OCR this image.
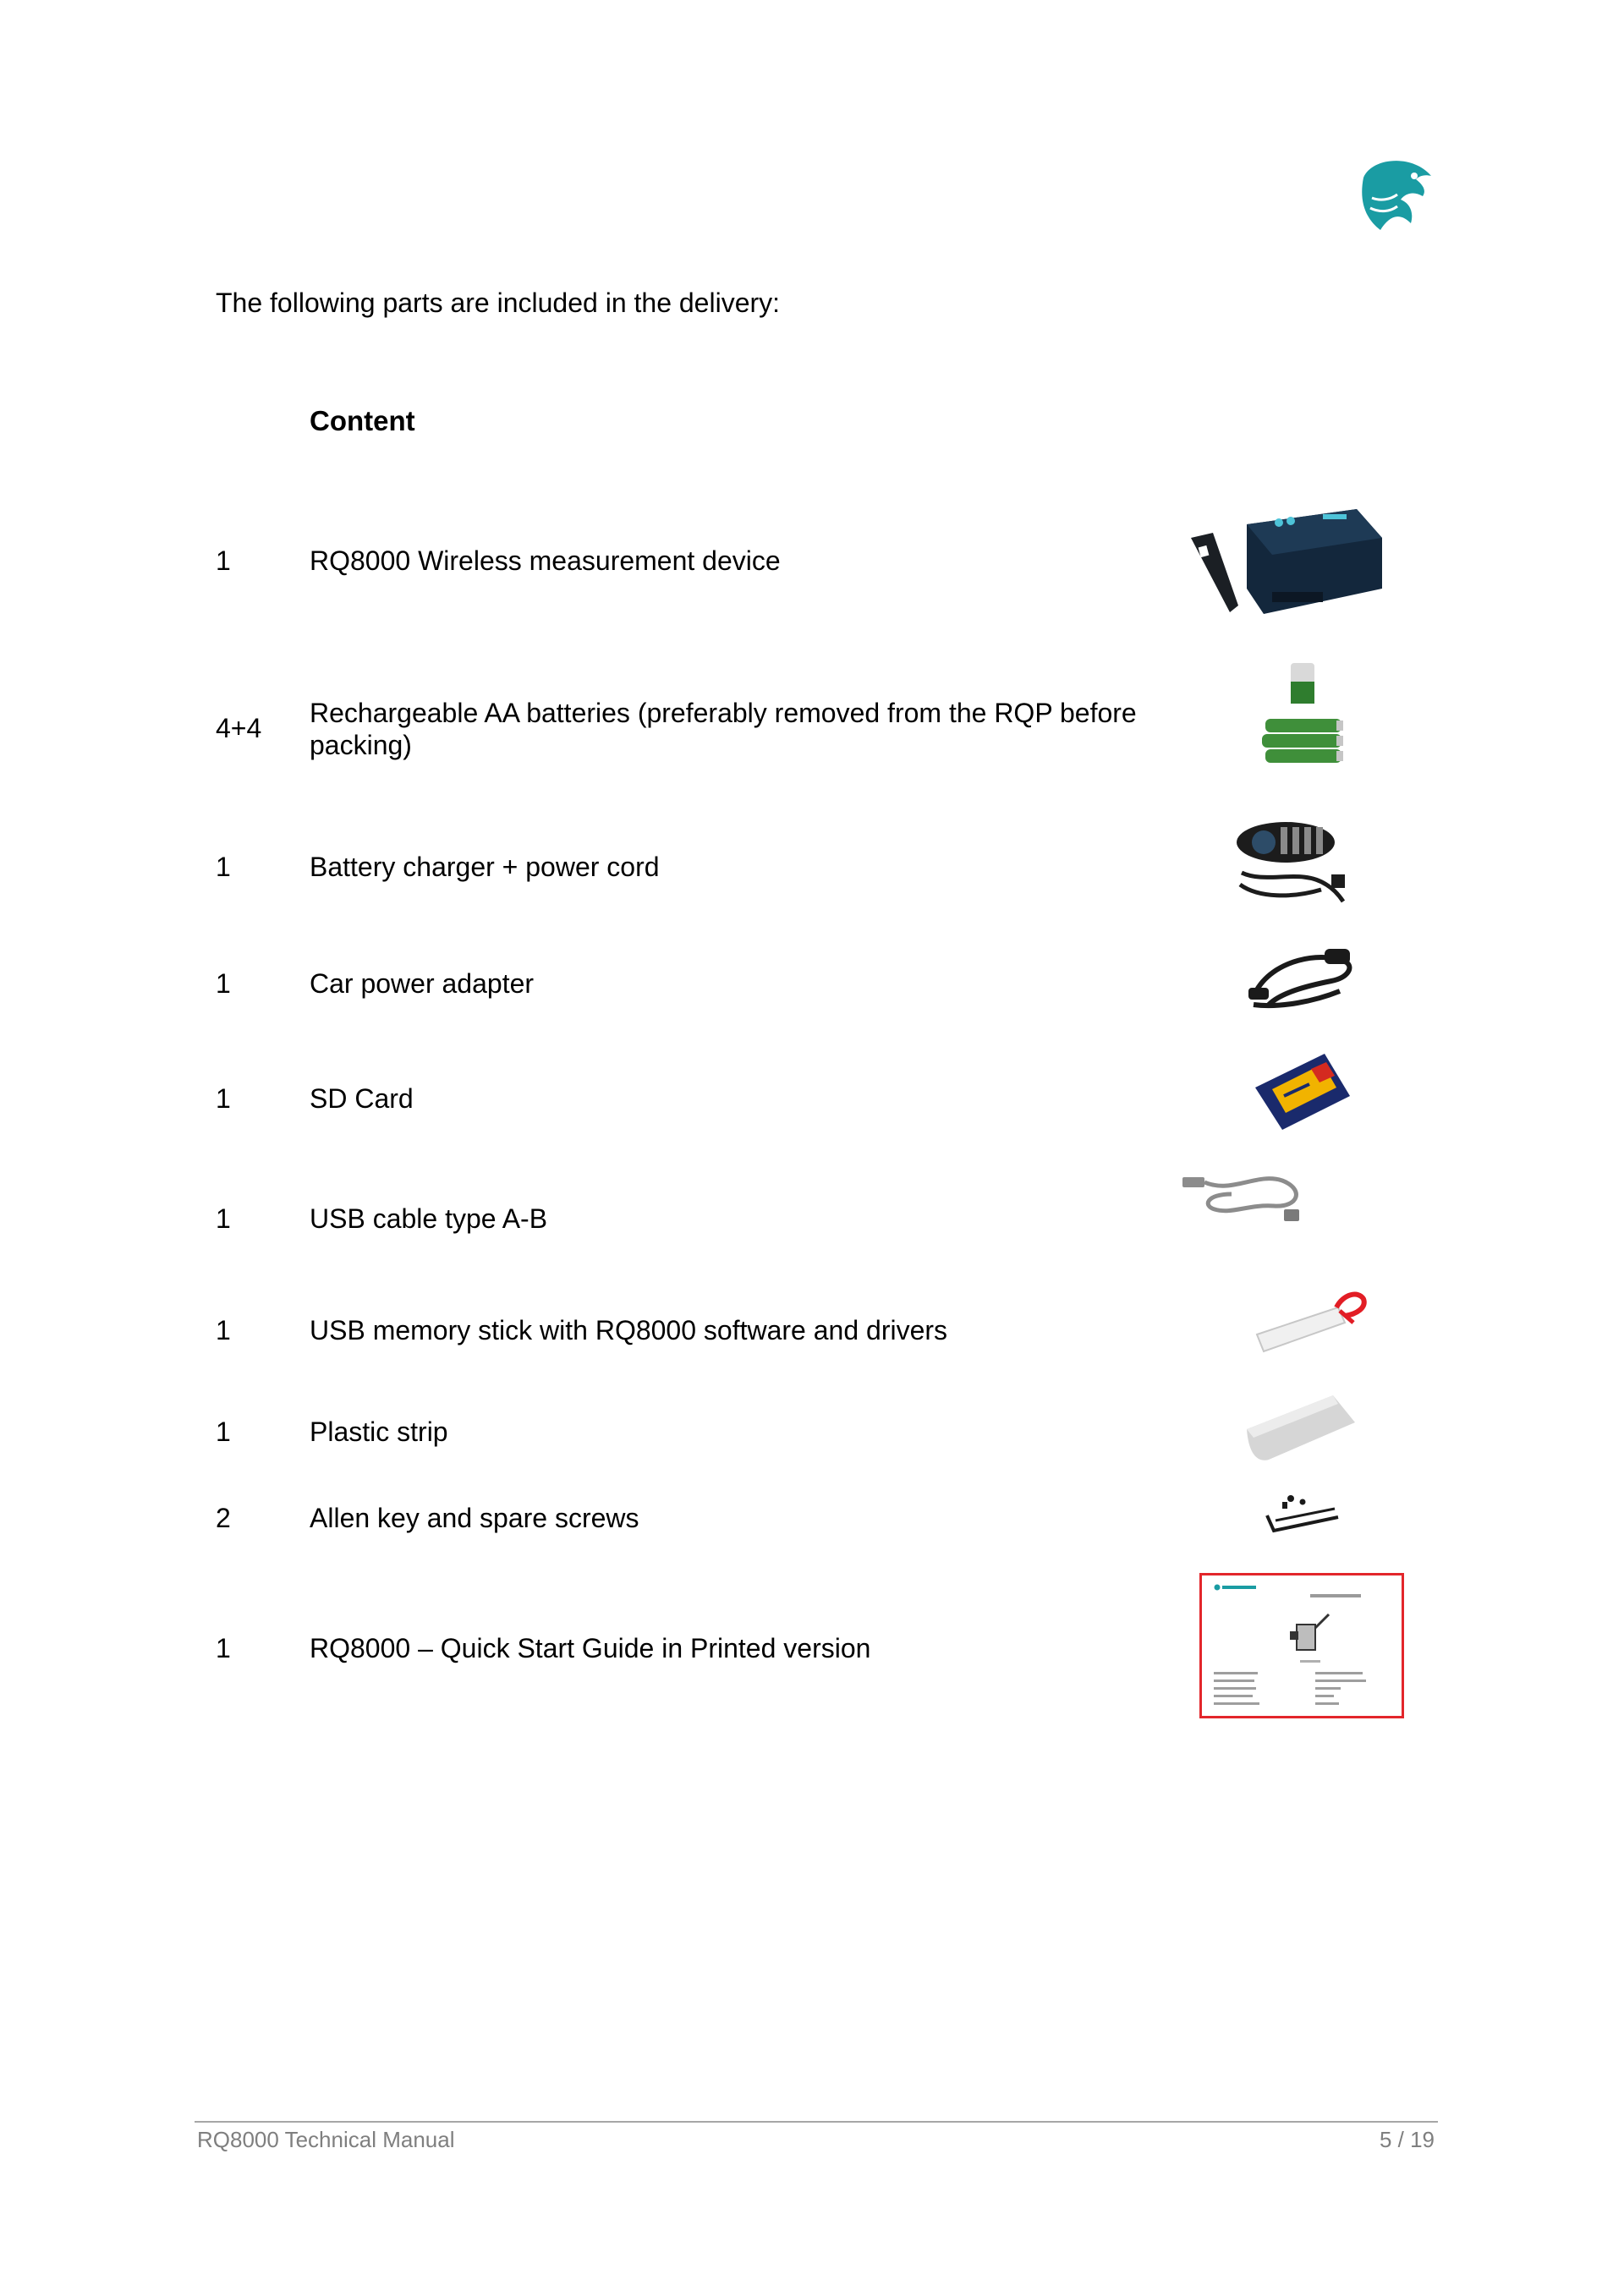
The following parts are included in the delivery:
Content
1	RQ8000 Wireless measurement device
4+4	Rechargeable AA batteries (preferably removed from the RQP before packing)
1	Battery charger + power cord
1	Car power adapter
1	SD Card
1	USB cable type A-B
1	USB memory stick with RQ8000 software and drivers
1	Plastic strip
2	Allen key and spare screws
1	RQ8000 – Quick Start Guide in Printed version
RQ8000 Technical Manual	5 / 19
